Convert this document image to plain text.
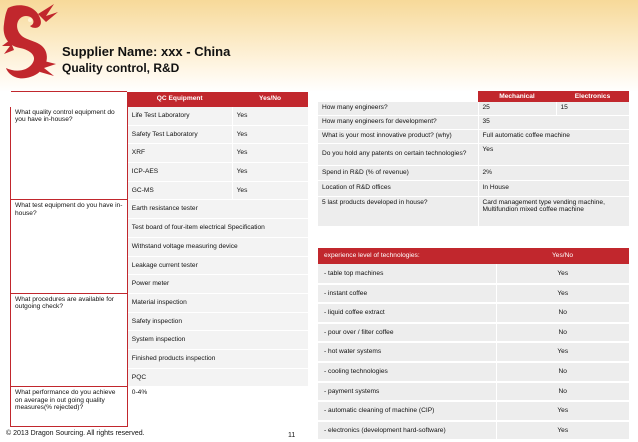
Supplier Name: xxx - China
Quality control, R&D
	QC Equipment	Yes/No
What quality control equipment do you have in-house?	Life Test Laboratory	Yes
	Safety Test Laboratory	Yes
	XRF	Yes
	ICP-AES	Yes
	GC-MS	Yes
What test equipment do you have in-house?	Earth resistance tester	
	Test board of four-item electrical Specification	
	Withstand voltage measuring device	
	Leakage current tester	
	Power meter	
What procedures are available for outgoing check?	Material inspection	
	Safety inspection	
	System inspection	
	Finished products inspection	
	PQC	
What performance do you achieve on average in out going quality measures(% rejected)?	0-4%	
	Mechanical	Electronics
How many engineers?	25	15
How many engineers for development?	35	
What is your most innovative product? (why)	Full automatic coffee machine	
Do you hold any patents on certain technologies?	Yes	
Spend in R&D (% of revenue)	2%	
Location of R&D offices	In House	
5 last products developed in house?	Card management type vending machine, Multifundion mixed coffee machine	
experience level of technologies:	Yes/No
- table top machines	Yes
- instant coffee	Yes
- liquid coffee extract	No
- pour over / filter coffee	No
- hot water systems	Yes
- cooling technologies	No
- payment systems	No
- automatic cleaning of machine (CIP)	Yes
- electronics (development hard-software)	Yes
© 2013 Dragon Sourcing. All rights reserved.	11
